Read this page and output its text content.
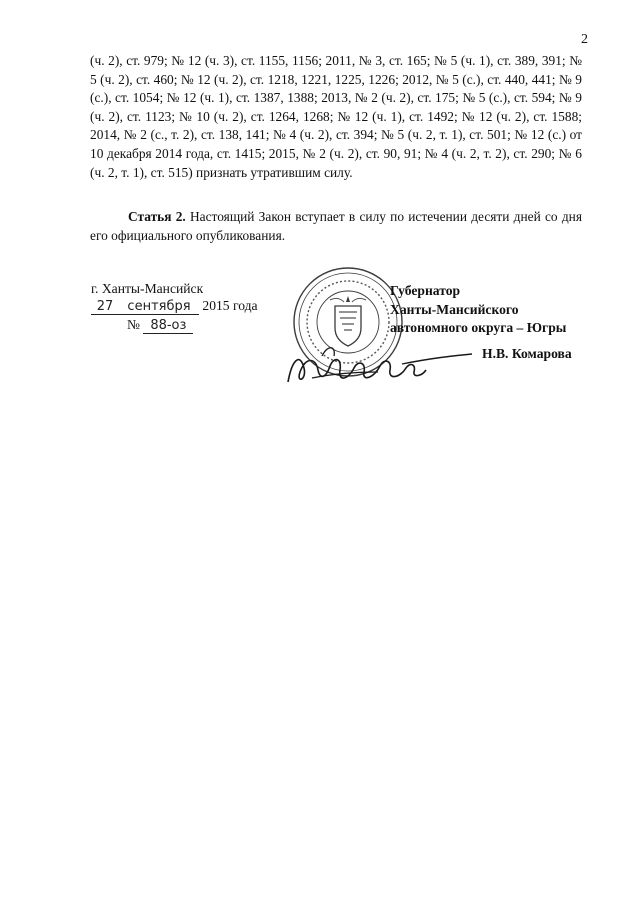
2

(ч. 2), ст. 979; № 12 (ч. 3), ст. 1155, 1156; 2011, № 3, ст. 165; № 5 (ч. 1), ст. 389, 391; № 5 (ч. 2), ст. 460; № 12 (ч. 2), ст. 1218, 1221, 1225, 1226; 2012, № 5 (с.), ст. 440, 441; № 9 (с.), ст. 1054; № 12 (ч. 1), ст. 1387, 1388; 2013, № 2 (ч. 2), ст. 175; № 5 (с.), ст. 594; № 9 (ч. 2), ст. 1123; № 10 (ч. 2), ст. 1264, 1268; № 12 (ч. 1), ст. 1492; № 12 (ч. 2), ст. 1588; 2014, № 2 (с., т. 2), ст. 138, 141; № 4 (ч. 2), ст. 394; № 5 (ч. 2, т. 1), ст. 501; № 12 (с.) от 10 декабря 2014 года, ст. 1415; 2015, № 2 (ч. 2), ст. 90, 91; № 4 (ч. 2, т. 2), ст. 290; № 6 (ч. 2, т. 1), ст. 515) признать утратившим силу.

Статья 2. Настоящий Закон вступает в силу по истечении десяти дней со дня его официального опубликования.

г. Ханты-Мансийск
27 сентября 2015 года
№ 88-оз
Губернатор
Ханты-Мансийского
автономного округа – Югры
Н.В. Комарова
